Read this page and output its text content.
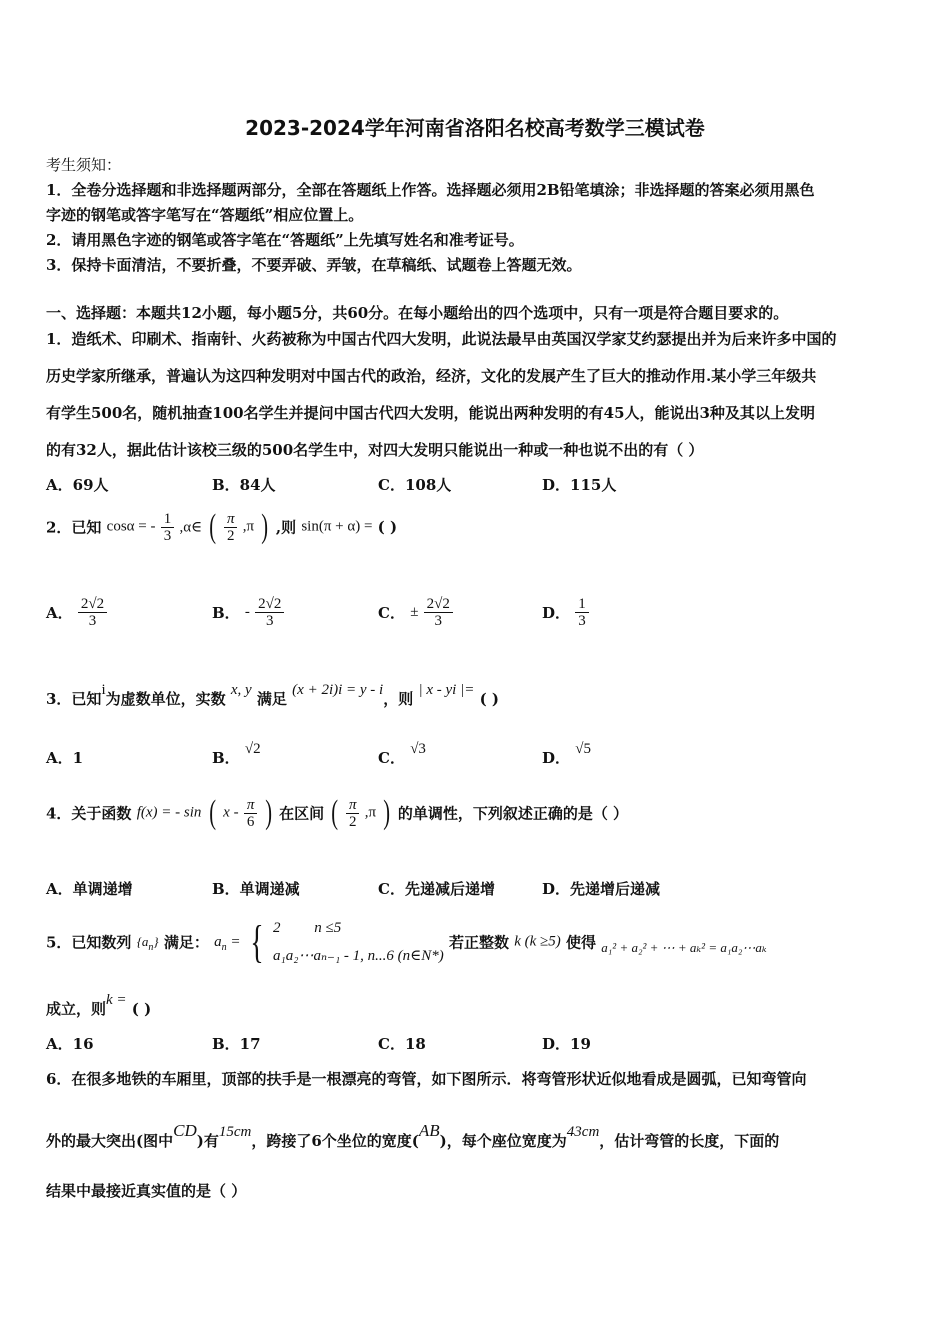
2023-2024学年河南省洛阳名校高考数学三模试卷
考生须知：
1．全卷分选择题和非选择题两部分，全部在答题纸上作答。选择题必须用2B铅笔填涂；非选择题的答案必须用黑色
字迹的钢笔或答字笔写在“答题纸”相应位置上。
2．请用黑色字迹的钢笔或答字笔在“答题纸”上先填写姓名和准考证号。
3．保持卡面清洁，不要折叠，不要弄破、弄皱，在草稿纸、试题卷上答题无效。
一、选择题：本题共12小题，每小题5分，共60分。在每小题给出的四个选项中，只有一项是符合题目要求的。
1．造纸术、印刷术、指南针、火药被称为中国古代四大发明，此说法最早由英国汉学家艾约瑟提出并为后来许多中国的
历史学家所继承，普遍认为这四种发明对中国古代的政治，经济，文化的发展产生了巨大的推动作用.某小学三年级共
有学生500名，随机抽查100名学生并提问中国古代四大发明，能说出两种发明的有45人，能说出3种及其以上发明
的有32人，据此估计该校三级的500名学生中，对四大发明只能说出一种或一种也说不出的有（ ）
A．69人	B．84人	C．108人	D．115人
2．已知 cosα = - $\frac{1}{3}$ ,α∈ ( $\frac{\pi}{2} ,\pi$ ) ,则 sin(π + α) = ( )
A． $\frac{2√2}{3}$	B． - $\frac{2√2}{3}$	C． ± $\frac{2√2}{3}$	D． $\frac{1}{3}$
3．已知i为虚数单位，实数 x, y 满足 (x + 2i)i = y - i，则 | x - yi |= ( )
A．1	B． √2	C． √3	D． √5
4．关于函数 f(x) = - sin ( x - $\frac{\pi}{6}$ ) 在区间 ( $\frac{\pi}{2} ,\pi$ ) 的单调性，下列叙述正确的是（ ）
A．单调递增	B．单调递减	C．先递减后递增	D．先递增后递减
5．已知数列 $\{a_n\}$ 满足： $a_n$ = { 2         n ≤5
a₁a₂⋯aₙ₋₁ - 1, n...6 (n∈N*)
若正整数 k (k ≥5) 使得 a₁² + a₂² + ⋯ + aₖ² = a₁a₂⋯aₖ
成立，则k = ( )
A．16	B．17	C．18	D．19
6．在很多地铁的车厢里，顶部的扶手是一根漂亮的弯管，如下图所示．将弯管形状近似地看成是圆弧，已知弯管向
外的最大突出(图中CD)有15cm，跨接了6个坐位的宽度(AB)，每个座位宽度为43cm，估计弯管的长度，下面的
结果中最接近真实值的是（ ）
